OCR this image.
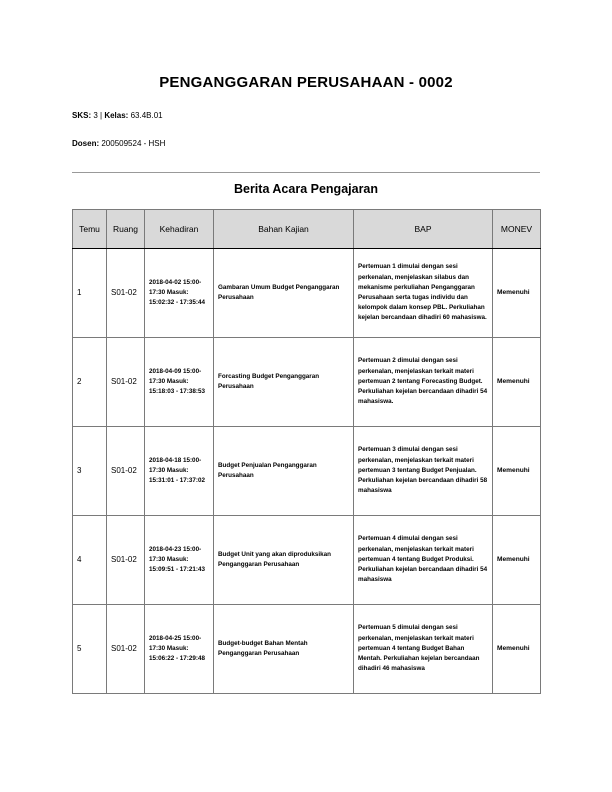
PENGANGGARAN PERUSAHAAN - 0002
SKS: 3 | Kelas: 63.4B.01
Dosen: 200509524 - HSH
Berita Acara Pengajaran
Temu	Ruang	Kehadiran	Bahan Kajian	BAP	MONEV
1	S01-02	2018-04-02 15:00-17:30 Masuk: 15:02:32 - 17:35:44	Gambaran Umum Budget Penganggaran Perusahaan	Pertemuan 1 dimulai dengan sesi perkenalan, menjelaskan silabus dan mekanisme perkuliahan Penganggaran Perusahaan serta tugas individu dan kelompok dalam konsep PBL. Perkuliahan kejelan bercandaan dihadiri 60 mahasiswa.	Memenuhi
2	S01-02	2018-04-09 15:00-17:30 Masuk: 15:18:03 - 17:38:53	Forcasting Budget Penganggaran Perusahaan	Pertemuan 2 dimulai dengan sesi perkenalan, menjelaskan terkait materi pertemuan 2 tentang Forecasting Budget. Perkuliahan kejelan bercandaan dihadiri 54 mahasiswa.	Memenuhi
3	S01-02	2018-04-18 15:00-17:30 Masuk: 15:31:01 - 17:37:02	Budget Penjualan Penganggaran Perusahaan	Pertemuan 3 dimulai dengan sesi perkenalan, menjelaskan terkait materi pertemuan 3 tentang Budget Penjualan. Perkuliahan kejelan bercandaan dihadiri 58 mahasiswa	Memenuhi
4	S01-02	2018-04-23 15:00-17:30 Masuk: 15:09:51 - 17:21:43	Budget Unit yang akan diproduksikan Penganggaran Perusahaan	Pertemuan 4 dimulai dengan sesi perkenalan, menjelaskan terkait materi pertemuan 4 tentang Budget Produksi. Perkuliahan kejelan bercandaan dihadiri 54 mahasiswa	Memenuhi
5	S01-02	2018-04-25 15:00-17:30 Masuk: 15:06:22 - 17:29:48	Budget-budget Bahan Mentah Penganggaran Perusahaan	Pertemuan 5 dimulai dengan sesi perkenalan, menjelaskan terkait materi pertemuan 4 tentang Budget Bahan Mentah. Perkuliahan kejelan bercandaan dihadiri 46 mahasiswa	Memenuhi
